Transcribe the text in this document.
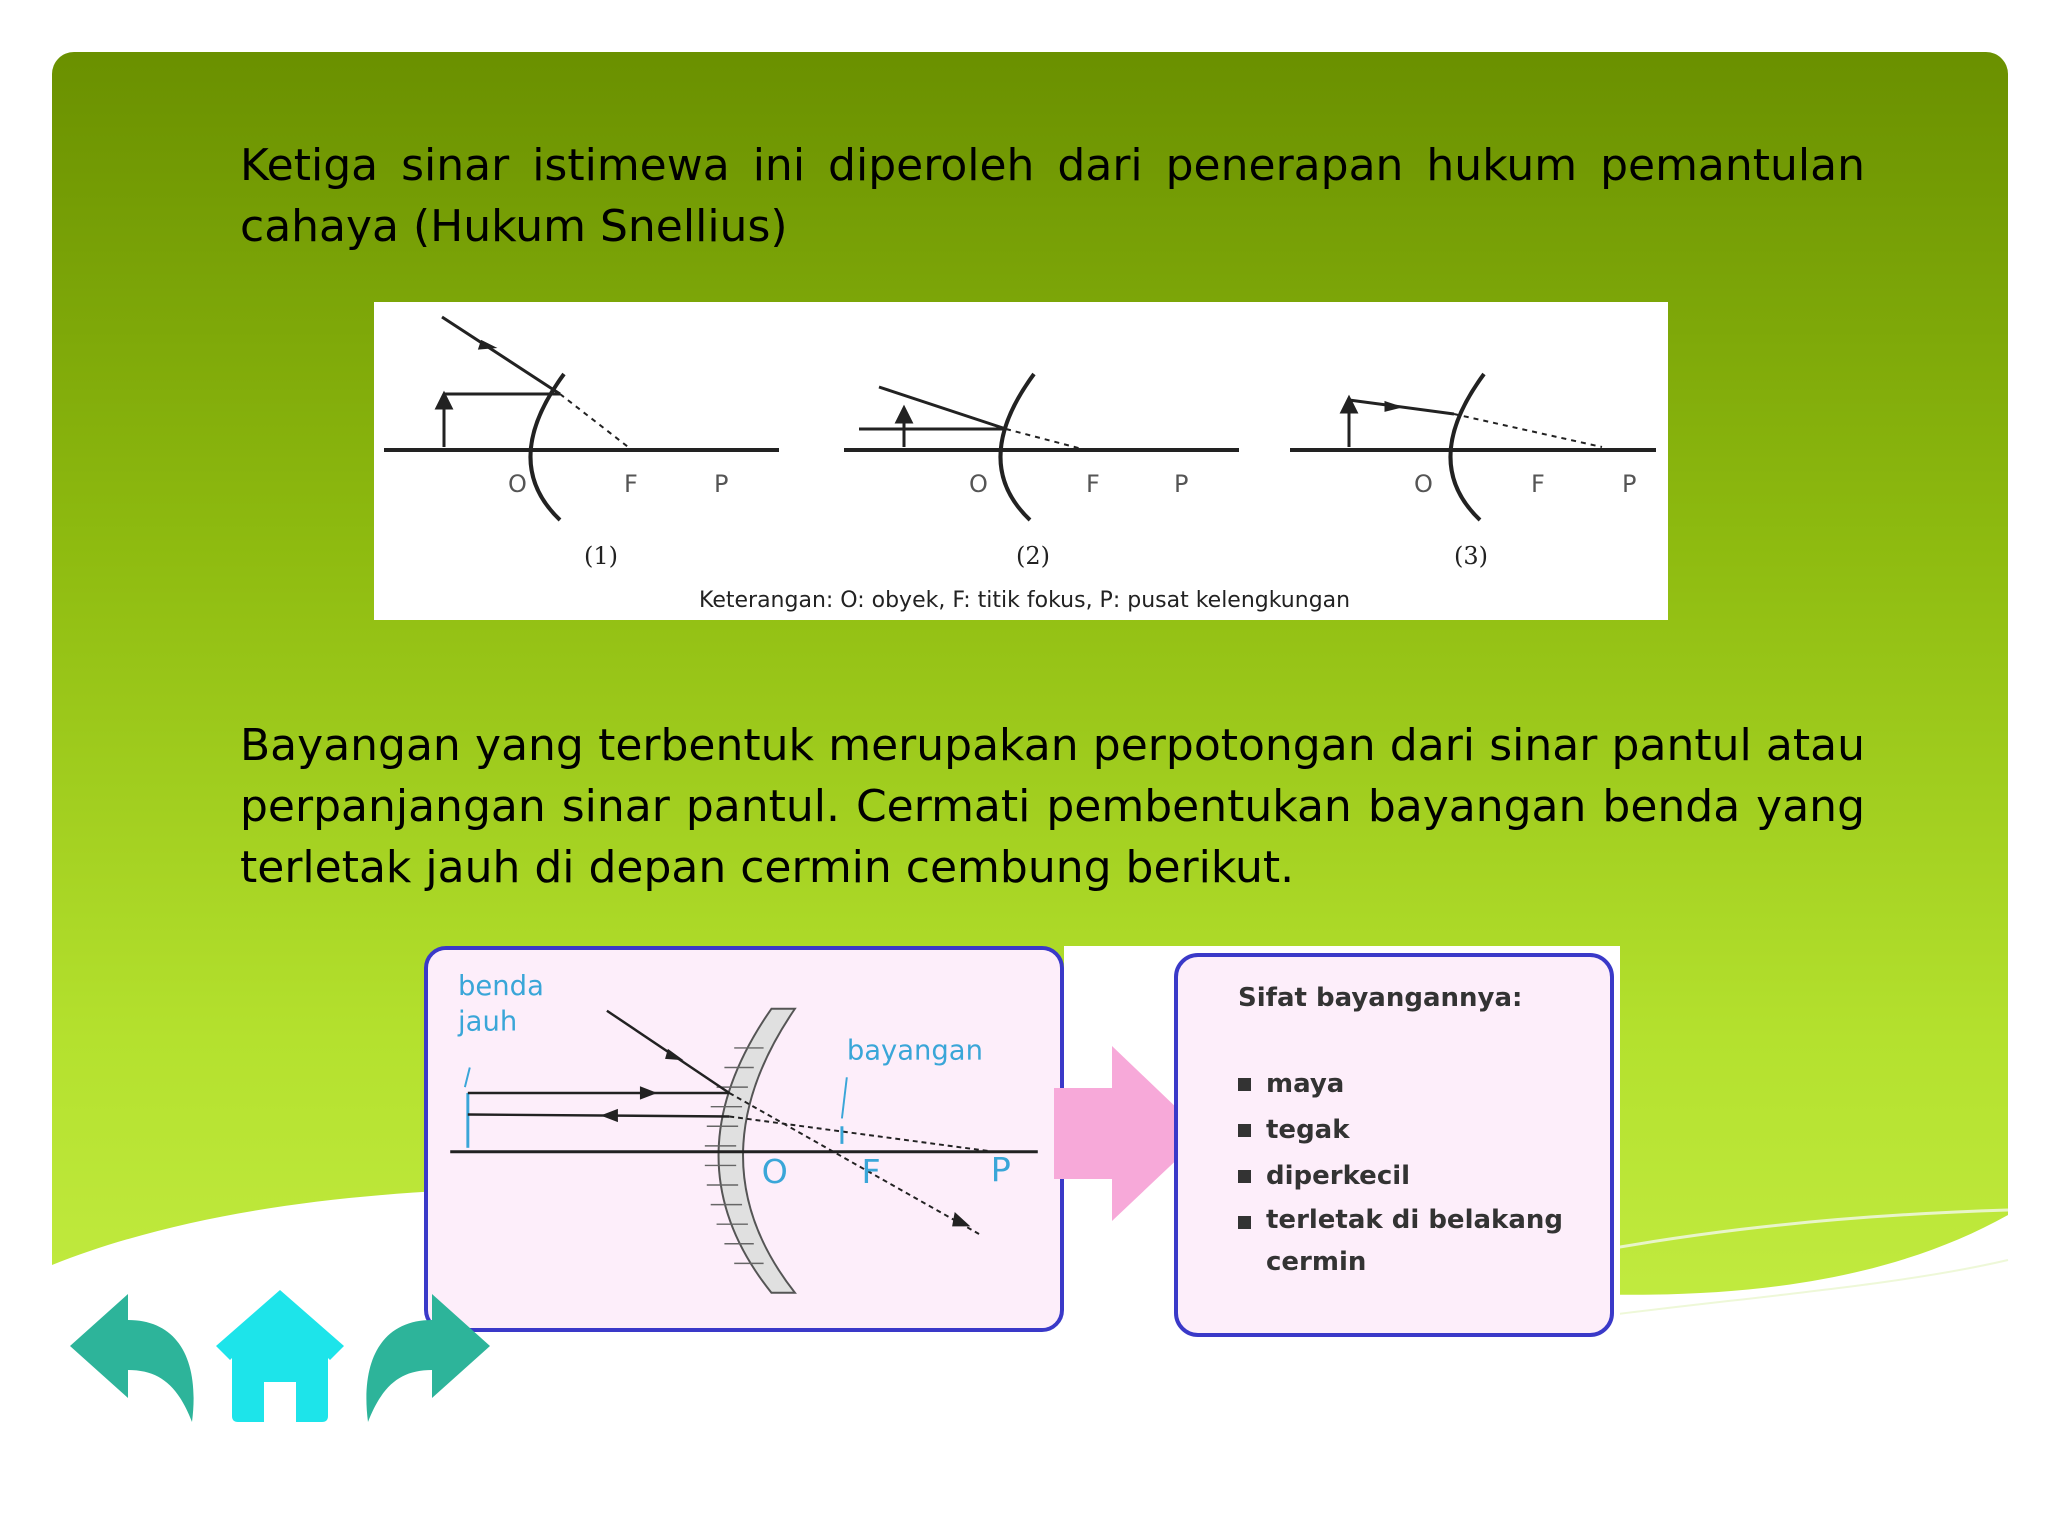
Ketiga sinar istimewa ini diperoleh dari penerapan hukum pemantulan cahaya (Hukum Snellius)
O	F	P	O	F	P	O	F	P
(1)	(2)	(3)
Keterangan: O: obyek, F: titik fokus, P: pusat kelengkungan
Bayangan yang terbentuk merupakan perpotongan dari sinar pantul atau perpanjangan sinar pantul. Cermati pembentukan bayangan benda yang terletak jauh di depan cermin cembung berikut.
benda
jauh
bayangan
O F	P
Sifat bayangannya:
maya
tegak
diperkecil
terletak di belakang cermin
